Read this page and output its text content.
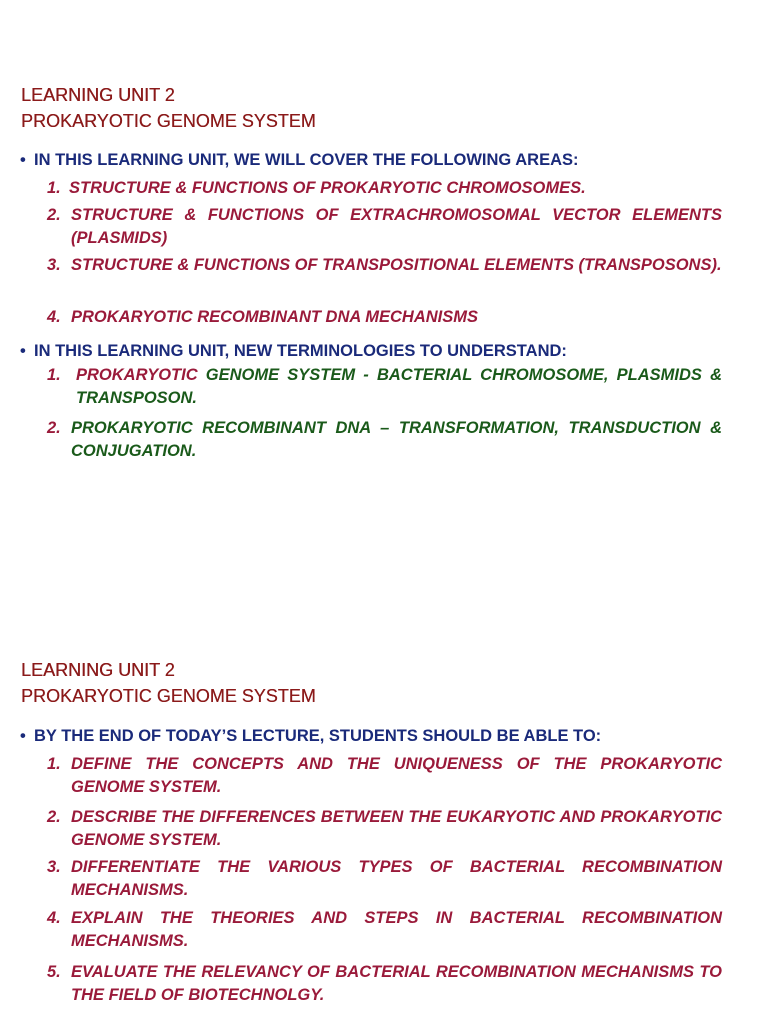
LEARNING UNIT 2
PROKARYOTIC GENOME SYSTEM
• IN THIS LEARNING UNIT, WE WILL COVER THE FOLLOWING AREAS:
1. STRUCTURE & FUNCTIONS OF PROKARYOTIC CHROMOSOMES.
2. STRUCTURE & FUNCTIONS OF EXTRACHROMOSOMAL VECTOR ELEMENTS (PLASMIDS)
3. STRUCTURE & FUNCTIONS OF TRANSPOSITIONAL ELEMENTS (TRANSPOSONS).
4. PROKARYOTIC RECOMBINANT DNA MECHANISMS
• IN THIS LEARNING UNIT, NEW TERMINOLOGIES TO UNDERSTAND:
1. PROKARYOTIC GENOME SYSTEM - BACTERIAL CHROMOSOME, PLASMIDS & TRANSPOSON.
2. PROKARYOTIC RECOMBINANT DNA – TRANSFORMATION, TRANSDUCTION & CONJUGATION.
LEARNING UNIT 2
PROKARYOTIC GENOME SYSTEM
• BY THE END OF TODAY’S LECTURE, STUDENTS SHOULD BE ABLE TO:
1. DEFINE THE CONCEPTS AND THE UNIQUENESS OF THE PROKARYOTIC GENOME SYSTEM.
2. DESCRIBE THE DIFFERENCES BETWEEN THE EUKARYOTIC AND PROKARYOTIC GENOME SYSTEM.
3. DIFFERENTIATE THE VARIOUS TYPES OF BACTERIAL RECOMBINATION MECHANISMS.
4. EXPLAIN THE THEORIES AND STEPS IN BACTERIAL RECOMBINATION MECHANISMS.
5. EVALUATE THE RELEVANCY OF BACTERIAL RECOMBINATION MECHANISMS TO THE FIELD OF BIOTECHNOLGY.
